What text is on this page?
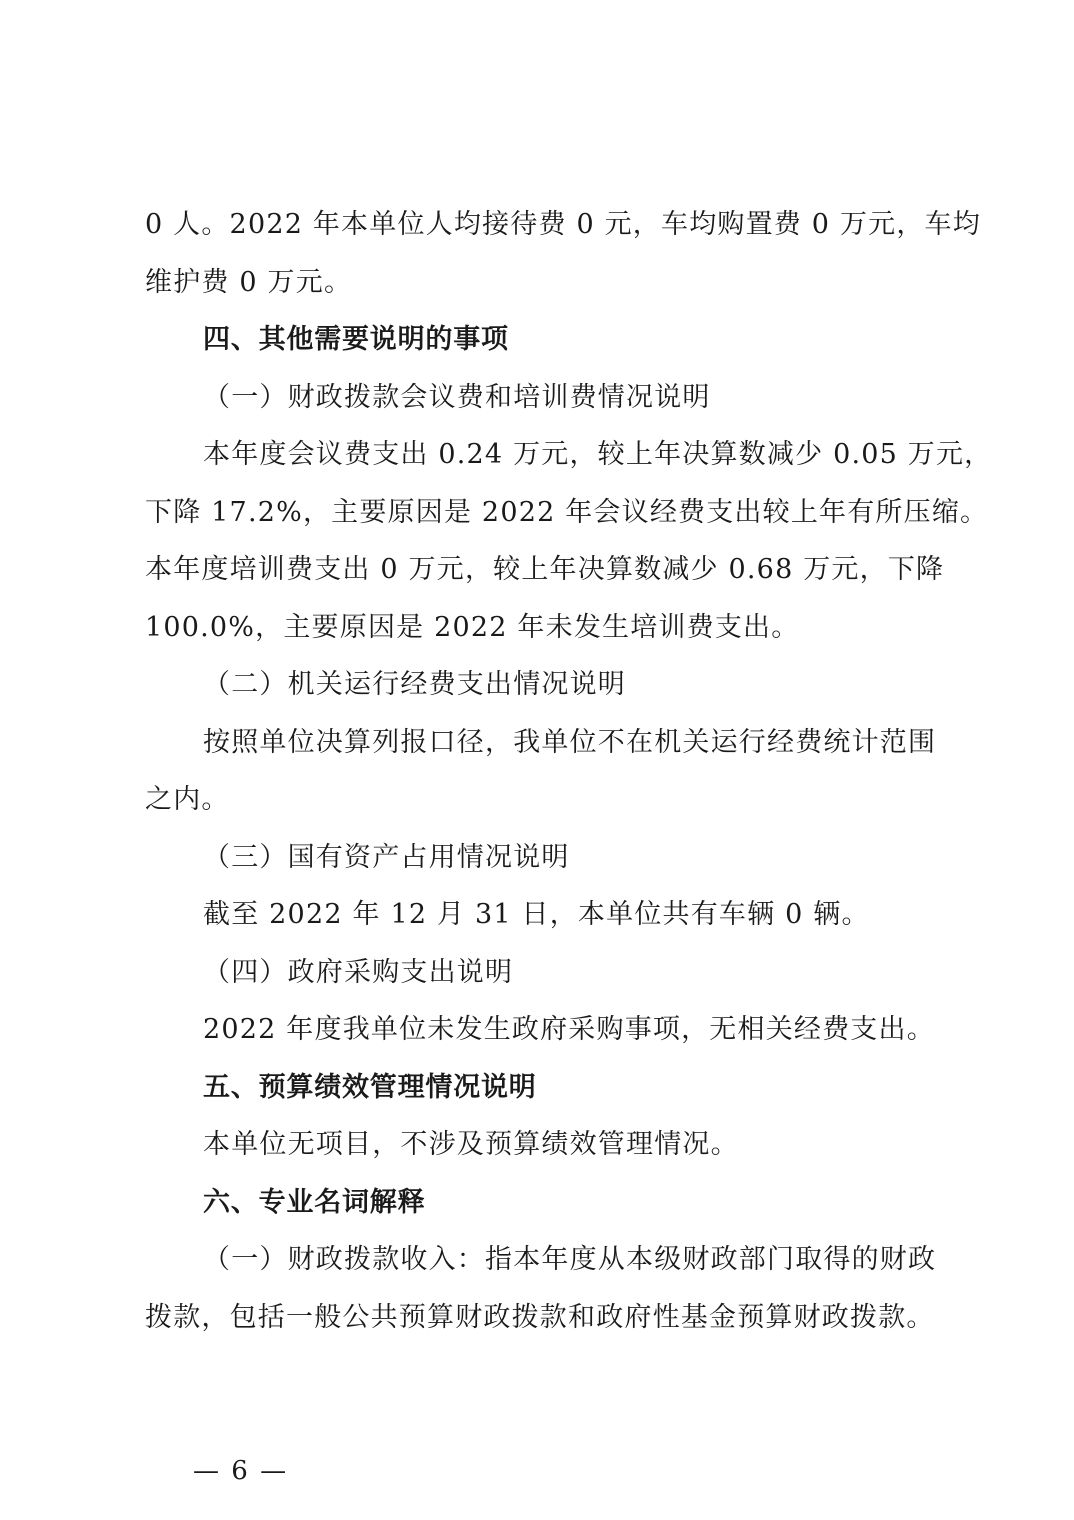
0 人。2022 年本单位人均接待费 0 元，车均购置费 0 万元，车均
维护费 0 万元。
四、其他需要说明的事项
（一）财政拨款会议费和培训费情况说明
本年度会议费支出 0.24 万元，较上年决算数减少 0.05 万元，
下降 17.2%，主要原因是 2022 年会议经费支出较上年有所压缩。
本年度培训费支出 0 万元，较上年决算数减少 0.68 万元，下降
100.0%，主要原因是 2022 年未发生培训费支出。
（二）机关运行经费支出情况说明
按照单位决算列报口径，我单位不在机关运行经费统计范围
之内。
（三）国有资产占用情况说明
截至 2022 年 12 月 31 日，本单位共有车辆 0 辆。
（四）政府采购支出说明
2022 年度我单位未发生政府采购事项，无相关经费支出。
五、预算绩效管理情况说明
本单位无项目，不涉及预算绩效管理情况。
六、专业名词解释
（一）财政拨款收入：指本年度从本级财政部门取得的财政
拨款，包括一般公共预算财政拨款和政府性基金预算财政拨款。
— 6 —
